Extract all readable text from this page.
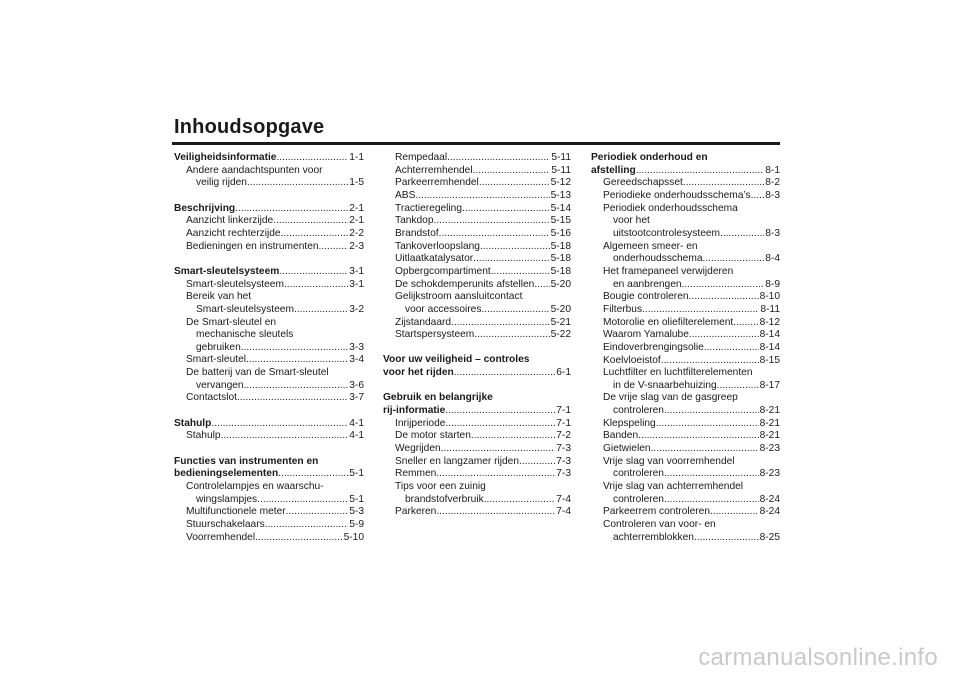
Inhoudsopgave
Veiligheidsinformatie .....	1-1
Andere aandachtspunten voor
veilig rijden .....	1-5
Beschrijving .....	2-1
Aanzicht linkerzijde .....	2-1
Aanzicht rechterzijde .....	2-2
Bedieningen en instrumenten .....	2-3
Smart-sleutelsysteem .....	3-1
Smart-sleutelsysteem .....	3-1
Bereik van het
Smart-sleutelsysteem .....	3-2
De Smart-sleutel en
mechanische sleutels
gebruiken .....	3-3
Smart-sleutel .....	3-4
De batterij van de Smart-sleutel
vervangen .....	3-6
Contactslot .....	3-7
Stahulp .....	4-1
Stahulp .....	4-1
Functies van instrumenten en
bedieningselementen .....	5-1
Controlelampjes en waarschu-
wingslampjes .....	5-1
Multifunctionele meter .....	5-3
Stuurschakelaars .....	5-9
Voorremhendel .....	5-10
Rempedaal .....	5-11
Achterremhendel .....	5-11
Parkeerremhendel .....	5-12
ABS .....	5-13
Tractieregeling .....	5-14
Tankdop .....	5-15
Brandstof .....	5-16
Tankoverloopslang .....	5-18
Uitlaatkatalysator .....	5-18
Opbergcompartiment .....	5-18
De schokdemperunits afstellen ..... 5-20
Gelijkstroom aansluitcontact
voor accessoires .....	5-20
Zijstandaard .....	5-21
Startspersysteem .....	5-22
Voor uw veiligheid – controles
voor het rijden .....	6-1
Gebruik en belangrijke
rij-informatie .....	7-1
Inrijperiode .....	7-1
De motor starten .....	7-2
Wegrijden .....	7-3
Sneller en langzamer rijden .....	7-3
Remmen .....	7-3
Tips voor een zuinig
brandstofverbruik .....	7-4
Parkeren .....	7-4
Periodiek onderhoud en
afstelling .....	8-1
Gereedschapsset .....	8-2
Periodieke onderhoudsschema’s ..... 8-3
Periodiek onderhoudsschema
voor het
uitstootcontrolesysteem .....	8-3
Algemeen smeer- en
onderhoudsschema .....	8-4
Het framepaneel verwijderen
en aanbrengen .....	8-9
Bougie controleren .....	8-10
Filterbus .....	8-11
Motorolie en oliefilterelement .....	8-12
Waarom Yamalube .....	8-14
Eindoverbrengingsolie .....	8-14
Koelvloeistof .....	8-15
Luchtfilter en luchtfilterelementen
in de V-snaarbehuizing .....	8-17
De vrije slag van de gasgreep
controleren .....	8-21
Klepspeling .....	8-21
Banden .....	8-21
Gietwielen .....	8-23
Vrije slag van voorremhendel
controleren .....	8-23
Vrije slag van achterremhendel
controleren .....	8-24
Parkeerrem controleren .....	8-24
Controleren van voor- en
achterremblokken .....	8-25
carmanualsonline.info
